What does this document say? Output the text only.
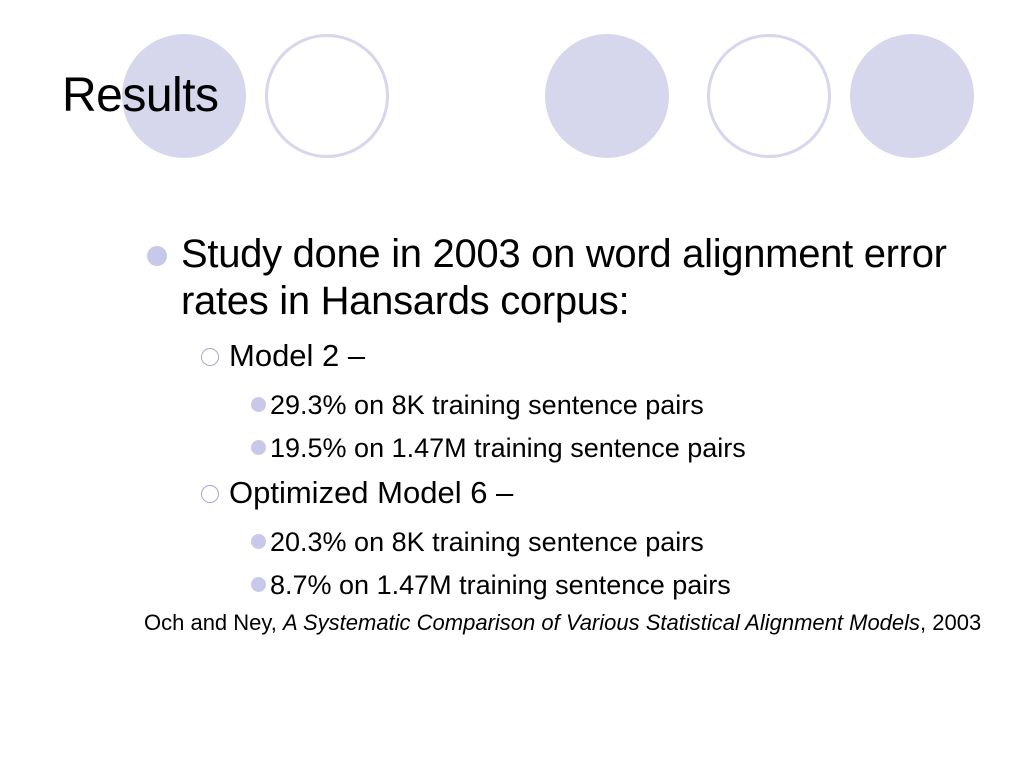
Results
Study done in 2003 on word alignment error rates in Hansards corpus:
Model 2 –
29.3% on 8K training sentence pairs
19.5% on 1.47M training sentence pairs
Optimized Model 6 –
20.3% on 8K training sentence pairs
8.7% on 1.47M training sentence pairs
Och and Ney, A Systematic Comparison of Various Statistical Alignment Models, 2003
